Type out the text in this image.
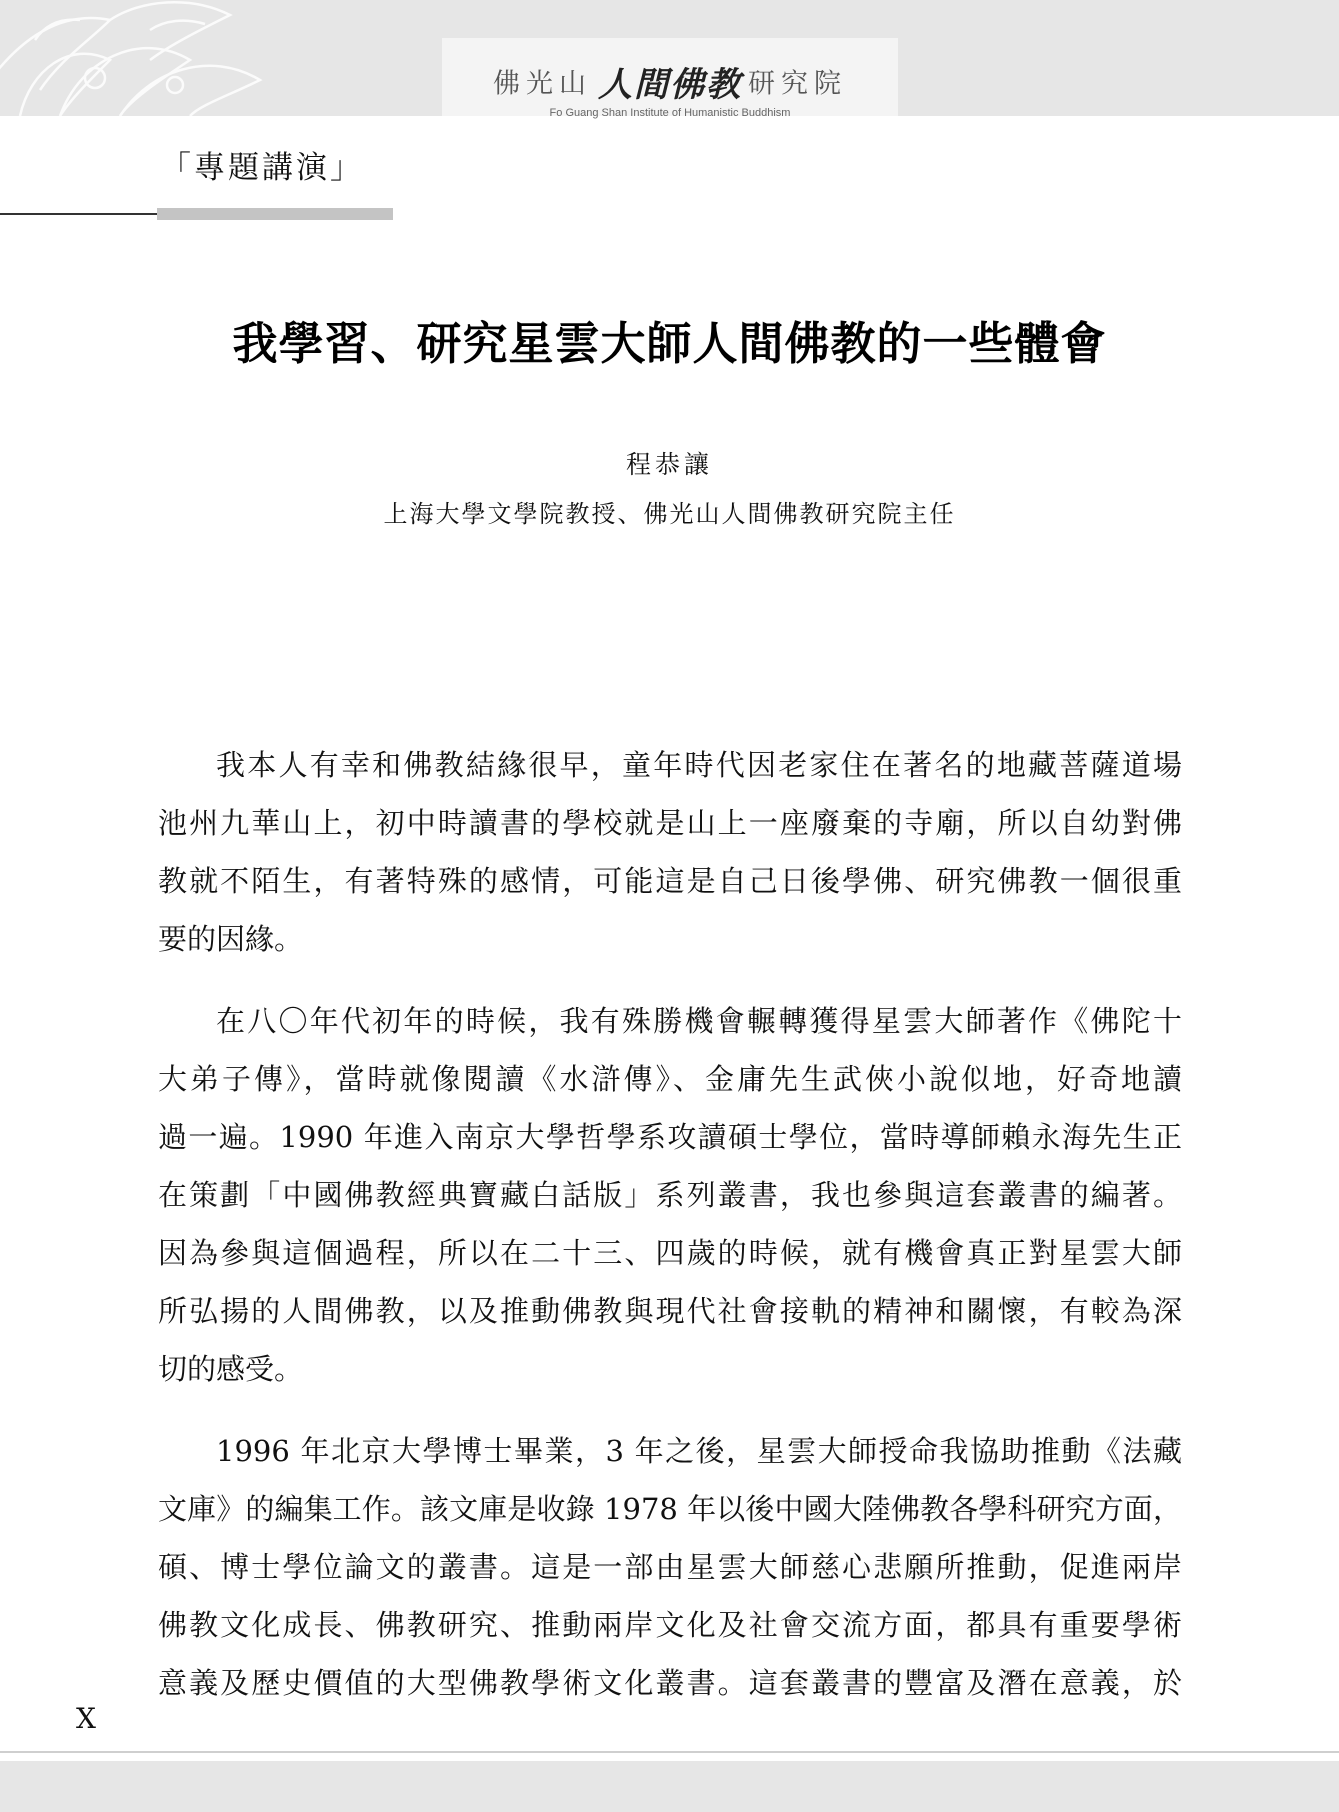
佛光山 人間佛教 研究院
Fo Guang Shan Institute of Humanistic Buddhism
「專題講演」
我學習、研究星雲大師人間佛教的一些體會
程恭讓
上海大學文學院教授、佛光山人間佛教研究院主任
我本人有幸和佛教結緣很早，童年時代因老家住在著名的地藏菩薩道場
池州九華山上，初中時讀書的學校就是山上一座廢棄的寺廟，所以自幼對佛
教就不陌生，有著特殊的感情，可能這是自己日後學佛、研究佛教一個很重
要的因緣。
在八〇年代初年的時候，我有殊勝機會輾轉獲得星雲大師著作《佛陀十
大弟子傳》，當時就像閱讀《水滸傳》、金庸先生武俠小說似地，好奇地讀
過一遍。1990 年進入南京大學哲學系攻讀碩士學位，當時導師賴永海先生正
在策劃「中國佛教經典寶藏白話版」系列叢書，我也參與這套叢書的編著。
因為參與這個過程，所以在二十三、四歲的時候，就有機會真正對星雲大師
所弘揚的人間佛教，以及推動佛教與現代社會接軌的精神和關懷，有較為深
切的感受。
1996 年北京大學博士畢業，3 年之後，星雲大師授命我協助推動《法藏
文庫》的編集工作。該文庫是收錄 1978 年以後中國大陸佛教各學科研究方面，
碩、博士學位論文的叢書。這是一部由星雲大師慈心悲願所推動，促進兩岸
佛教文化成長、佛教研究、推動兩岸文化及社會交流方面，都具有重要學術
意義及歷史價值的大型佛教學術文化叢書。這套叢書的豐富及潛在意義，於
X
